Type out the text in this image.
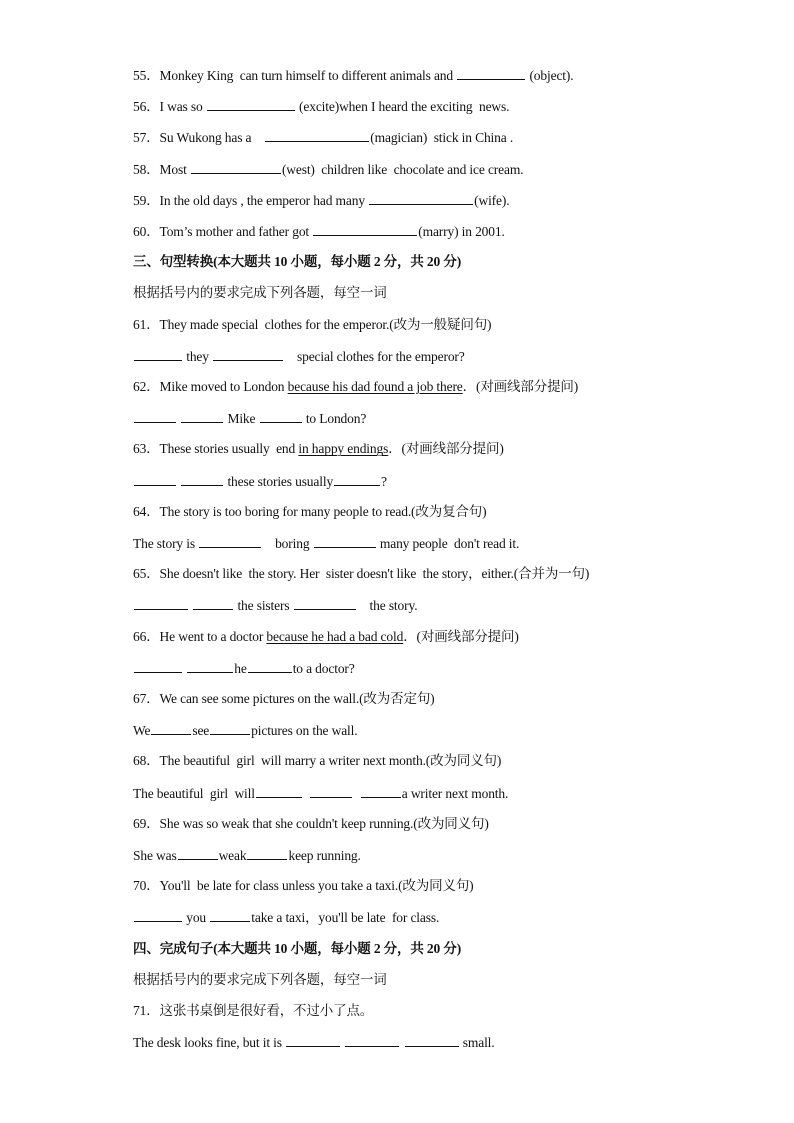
55．Monkey King  can turn himself to different animals and	(object).
56．I was so	(excite)when I heard the exciting  news.
57．Su Wukong has a	(magician)  stick in China .
58．Most	(west)  children like  chocolate and ice cream.
59．In the old days , the emperor had many	(wife).
60．Tom’s mother and father got	(marry) in 2001.
三、句型转换(本大题共 10 小题，每小题 2 分，共 20 分)
根据括号内的要求完成下列各题，每空一词
61．They made special  clothes for the emperor.(改为一般疑问句)
they	special clothes for the emperor?
62．Mike moved to London because his dad found a job there．(对画线部分提问)
Mike	to London?
63．These stories usually  end in happy endings．(对画线部分提问)
these stories usually	?
64．The story is too boring for many people to read.(改为复合句)
The story is	boring	many people  don't read it.
65．She doesn't like  the story. Her  sister doesn't like  the story，either.(合并为一句)
the sisters	the story.
66．He went to a doctor because he had a bad cold．(对画线部分提问)
he	to a doctor?
67．We can see some pictures on the wall.(改为否定句)
We	see	pictures on the wall.
68．The beautiful  girl  will marry a writer next month.(改为同义句)
The beautiful  girl  will	a writer next month.
69．She was so weak that she couldn't keep running.(改为同义句)
She was	weak	keep running.
70．You'll  be late for class unless you take a taxi.(改为同义句)
you	take a taxi，you'll be late  for class.
四、完成句子(本大题共 10 小题，每小题 2 分，共 20 分)
根据括号内的要求完成下列各题，每空一词
71．这张书桌倒是很好看，不过小了点。
The desk looks fine, but it is	small.
